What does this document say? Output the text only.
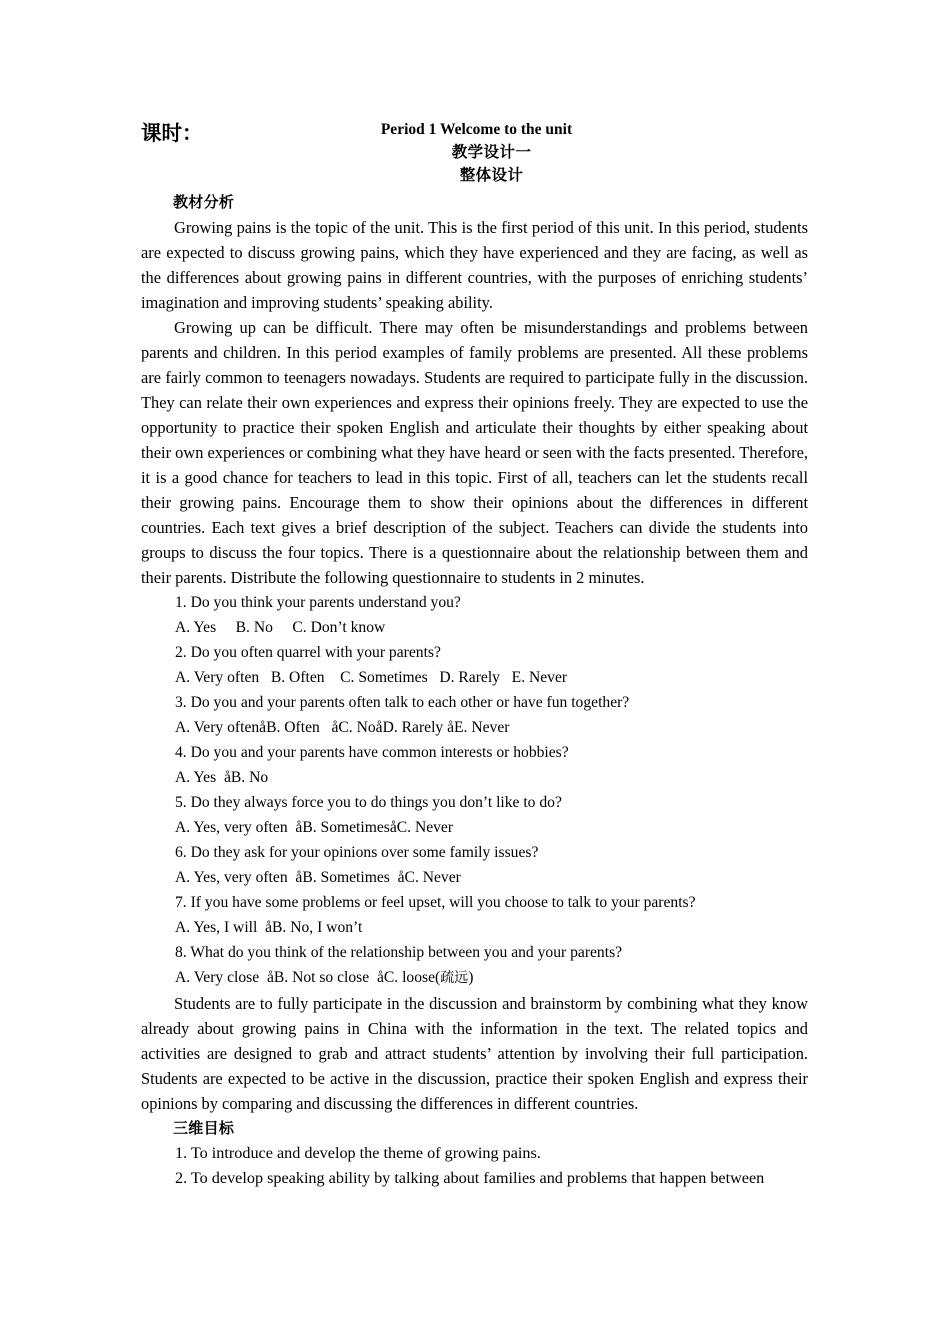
课时：	Period 1 Welcome to the unit
教学设计一
整体设计
教材分析

Growing pains is the topic of the unit. This is the first period of this unit. In this period, students are expected to discuss growing pains, which they have experienced and they are facing, as well as the differences about growing pains in different countries, with the purposes of enriching students’ imagination and improving students’ speaking ability.

Growing up can be difficult. There may often be misunderstandings and problems between parents and children. In this period examples of family problems are presented. All these problems are fairly common to teenagers nowadays. Students are required to participate fully in the discussion. They can relate their own experiences and express their opinions freely. They are expected to use the opportunity to practice their spoken English and articulate their thoughts by either speaking about their own experiences or combining what they have heard or seen with the facts presented. Therefore, it is a good chance for teachers to lead in this topic. First of all, teachers can let the students recall their growing pains. Encourage them to show their opinions about the differences in different countries. Each text gives a brief description of the subject. Teachers can divide the students into groups to discuss the four topics. There is a questionnaire about the relationship between them and their parents. Distribute the following questionnaire to students in 2 minutes.

1. Do you think your parents understand you?
A. Yes     B. No     C. Don’t know
2. Do you often quarrel with your parents?
A. Very often   B. Often    C. Sometimes   D. Rarely   E. Never
3. Do you and your parents often talk to each other or have fun together?
A. Very oftenåB. Often   åC. NoåD. Rarely åE. Never
4. Do you and your parents have common interests or hobbies?
A. Yes  åB. No
5. Do they always force you to do things you don’t like to do?
A. Yes, very often  åB. SometimesåC. Never
6. Do they ask for your opinions over some family issues?
A. Yes, very often  åB. Sometimes  åC. Never
7. If you have some problems or feel upset, will you choose to talk to your parents?
A. Yes, I will  åB. No, I won’t
8. What do you think of the relationship between you and your parents?
A. Very close  åB. Not so close  åC. loose(疏远)

Students are to fully participate in the discussion and brainstorm by combining what they know already about growing pains in China with the information in the text. The related topics and activities are designed to grab and attract students’ attention by involving their full participation. Students are expected to be active in the discussion, practice their spoken English and express their opinions by comparing and discussing the differences in different countries.

三维目标
1. To introduce and develop the theme of growing pains.
2. To develop speaking ability by talking about families and problems that happen between
